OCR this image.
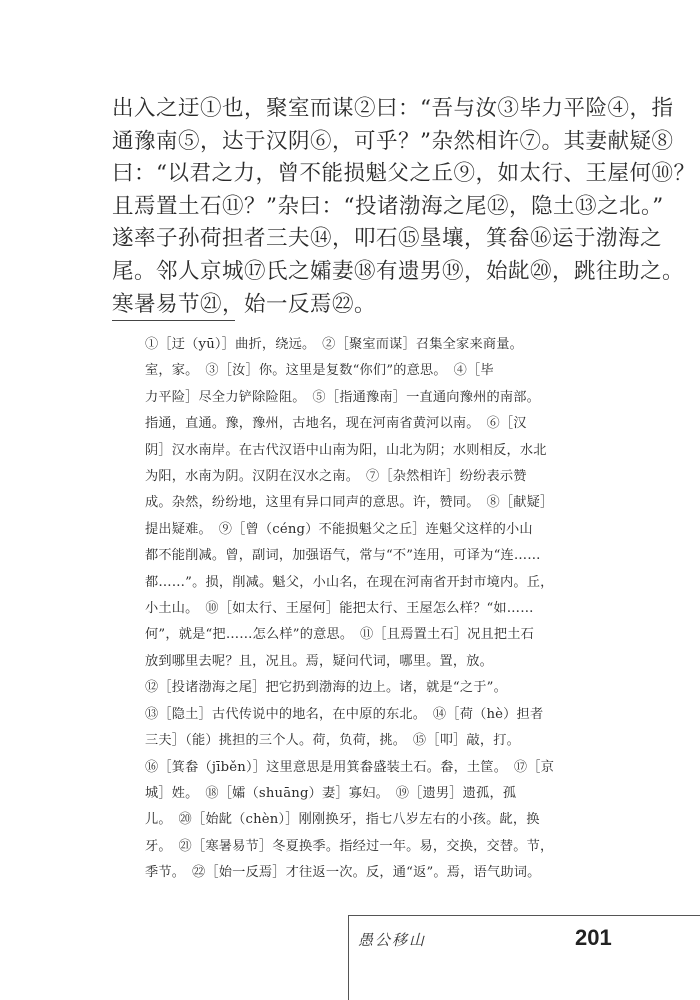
出入之迂①也，聚室而谋②曰：“吾与汝③毕力平险④，指
通豫南⑤，达于汉阴⑥，可乎？”杂然相许⑦。其妻献疑⑧
曰：“以君之力，曾不能损魁父之丘⑨，如太行、王屋何⑩？
且焉置土石⑪？”杂曰：“投诸渤海之尾⑫，隐土⑬之北。”
遂率子孙荷担者三夫⑭，叩石⑮垦壤，箕畚⑯运于渤海之
尾。邻人京城⑰氏之孀妻⑱有遗男⑲，始龀⑳，跳往助之。
寒暑易节㉑，始一反焉㉒。
①［迂（yū）］曲折，绕远。　②［聚室而谋］召集全家来商量。
室，家。　③［汝］你。这里是复数“你们”的意思。　④［毕
力平险］尽全力铲除险阻。　⑤［指通豫南］一直通向豫州的南部。
指通，直通。豫，豫州，古地名，现在河南省黄河以南。　⑥［汉
阴］汉水南岸。在古代汉语中山南为阳，山北为阴；水则相反，水北
为阳，水南为阴。汉阴在汉水之南。　⑦［杂然相许］纷纷表示赞
成。杂然，纷纷地，这里有异口同声的意思。许，赞同。　⑧［献疑］
提出疑难。　⑨［曾（céng）不能损魁父之丘］连魁父这样的小山
都不能削减。曾，副词，加强语气，常与“不”连用，可译为“连……
都……”。损，削减。魁父，小山名，在现在河南省开封市境内。丘，
小土山。　⑩［如太行、王屋何］能把太行、王屋怎么样？“如……
何”，就是“把……怎么样”的意思。　⑪［且焉置土石］况且把土石
放到哪里去呢？且，况且。焉，疑问代词，哪里。置，放。
⑫［投诸渤海之尾］把它扔到渤海的边上。诸，就是“之于”。
⑬［隐土］古代传说中的地名，在中原的东北。　⑭［荷（hè）担者
三夫］（能）挑担的三个人。荷，负荷，挑。　⑮［叩］敲，打。
⑯［箕畚（jīběn）］这里意思是用箕畚盛装土石。畚，土筐。　⑰［京
城］姓。　⑱［孀（shuāng）妻］寡妇。　⑲［遗男］遗孤，孤
儿。　⑳［始龀（chèn）］刚刚换牙，指七八岁左右的小孩。龀，换
牙。　㉑［寒暑易节］冬夏换季。指经过一年。易，交换，交替。节，
季节。　㉒［始一反焉］才往返一次。反，通“返”。焉，语气助词。
愚公移山	201
